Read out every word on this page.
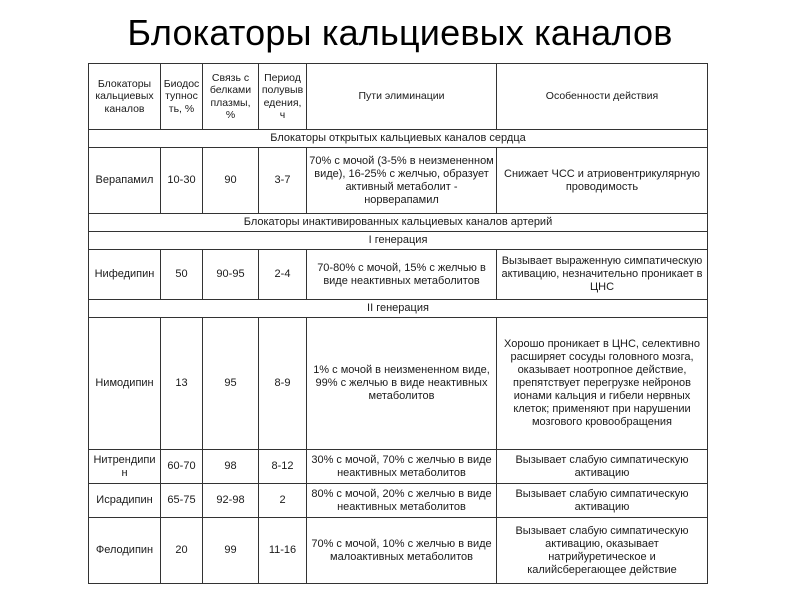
Блокаторы кальциевых каналов
Блокаторы кальциевых каналов	Биодоступность, %	Связь с белками плазмы, %	Период полувыведения, ч	Пути элиминации	Особенности действия
Блокаторы открытых кальциевых каналов сердца					
Верапамил	10-30	90	3-7	70% с мочой (3-5% в неизмененном виде), 16-25% с желчью, образует активный метаболит - норверапамил	Снижает ЧСС и атриовентрикулярную проводимость
Блокаторы инактивированных кальциевых каналов артерий					
I генерация					
Нифедипин	50	90-95	2-4	70-80% с мочой, 15% с желчью в виде неактивных метаболитов	Вызывает выраженную симпатическую активацию, незначительно проникает в ЦНС
II генерация					
Нимодипин	13	95	8-9	1% с мочой в неизмененном виде, 99% с желчью в виде неактивных метаболитов	Хорошо проникает в ЦНС, селективно расширяет сосуды головного мозга, оказывает ноотропное действие, препятствует перегрузке нейронов ионами кальция и гибели нервных клеток; применяют при нарушении мозгового кровообращения
Нитрендипин	60-70	98	8-12	30% с мочой, 70% с желчью в виде неактивных метаболитов	Вызывает слабую симпатическую активацию
Исрадипин	65-75	92-98	2	80% с мочой, 20% с желчью в виде неактивных метаболитов	Вызывает слабую симпатическую активацию
Фелодипин	20	99	11-16	70% с мочой, 10% с желчью в виде малоактивных метаболитов	Вызывает слабую симпатическую активацию, оказывает натрийуретическое и калийсберегающее действие
